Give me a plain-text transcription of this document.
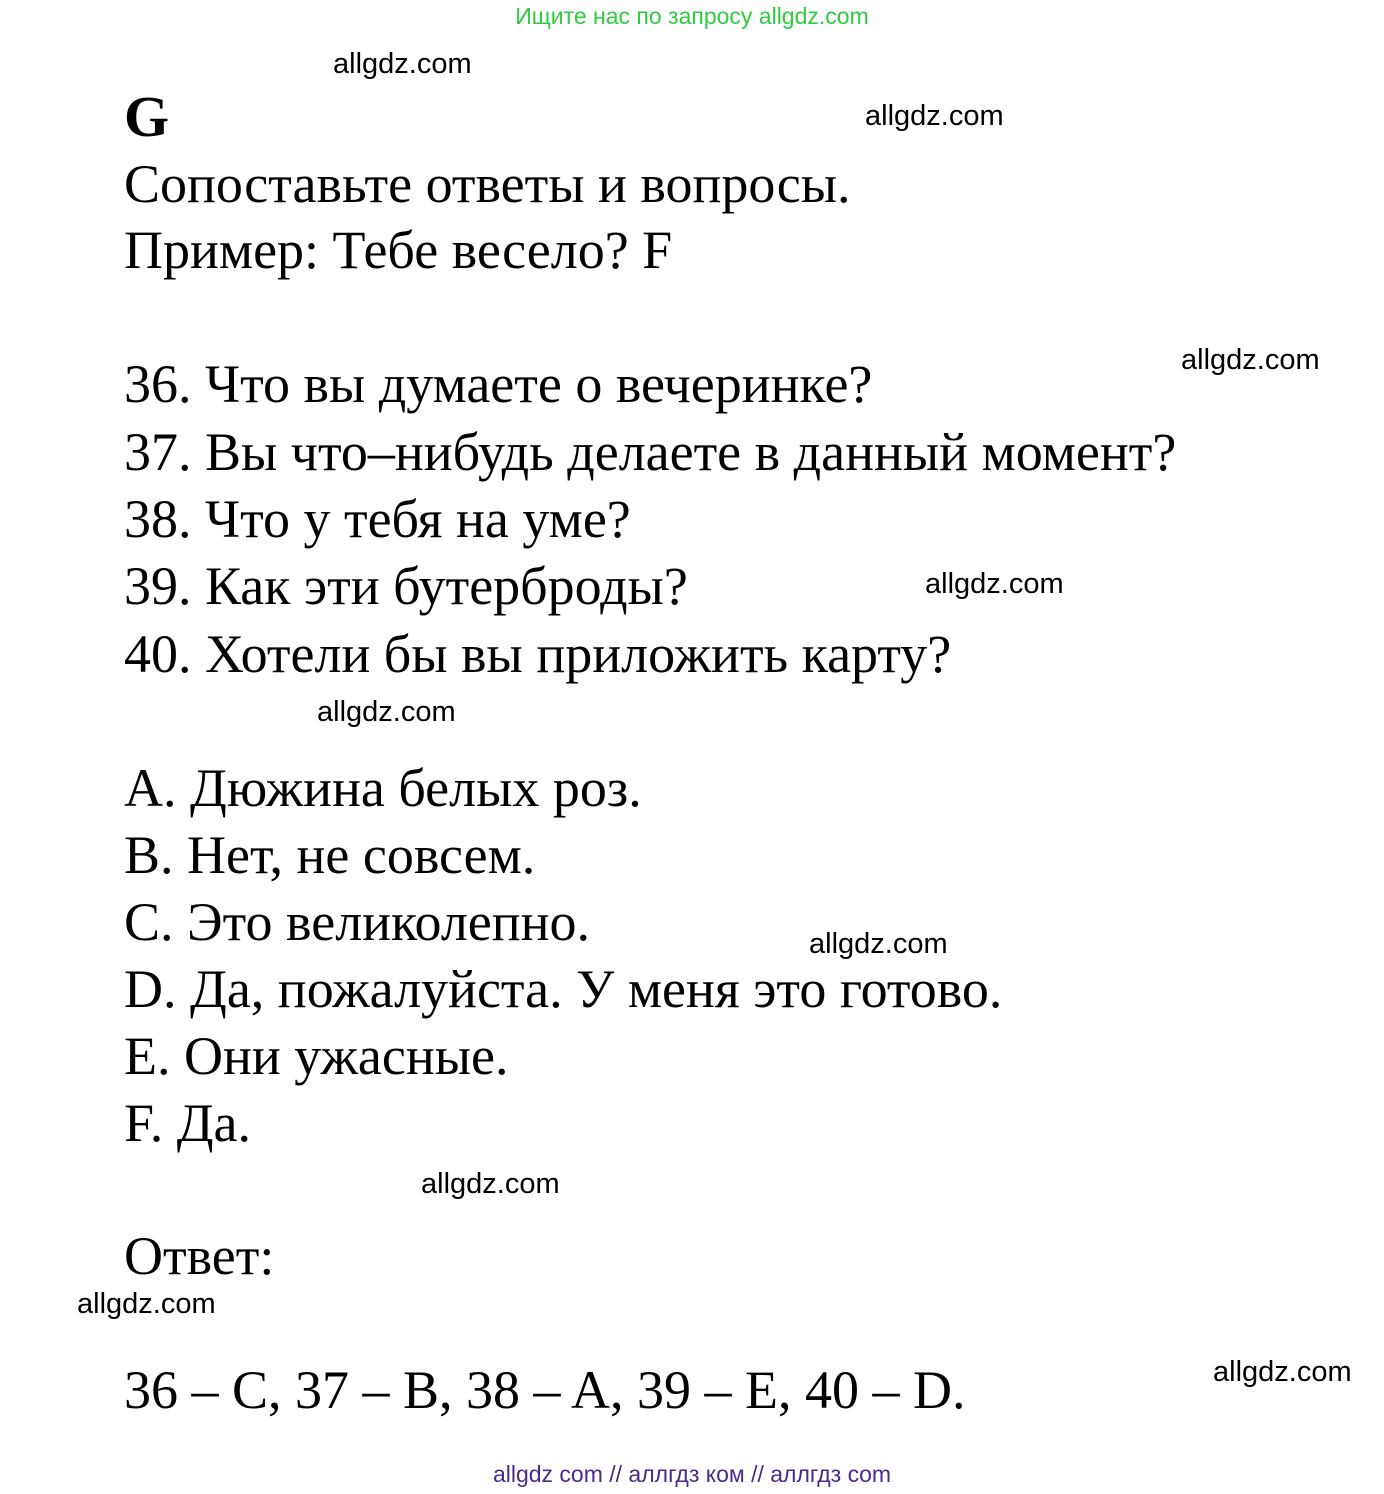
Ищите нас по запросу allgdz.com
allgdz.com
allgdz.com
allgdz.com
allgdz.com
allgdz.com
allgdz.com
allgdz.com
allgdz.com
allgdz.com
G
Сопоставьте ответы и вопросы.
Пример: Тебе весело? F
36. Что вы думаете о вечеринке?
37. Вы что–нибудь делаете в данный момент?
38. Что у тебя на уме?
39. Как эти бутерброды?
40. Хотели бы вы приложить карту?
A. Дюжина белых роз.
B. Нет, не совсем.
C. Это великолепно.
D. Да, пожалуйста. У меня это готово.
E. Они ужасные.
F. Да.
Ответ:
36 – C, 37 – B, 38 – A, 39 – E, 40 – D.
allgdz com // аллгдз ком // аллгдз com
